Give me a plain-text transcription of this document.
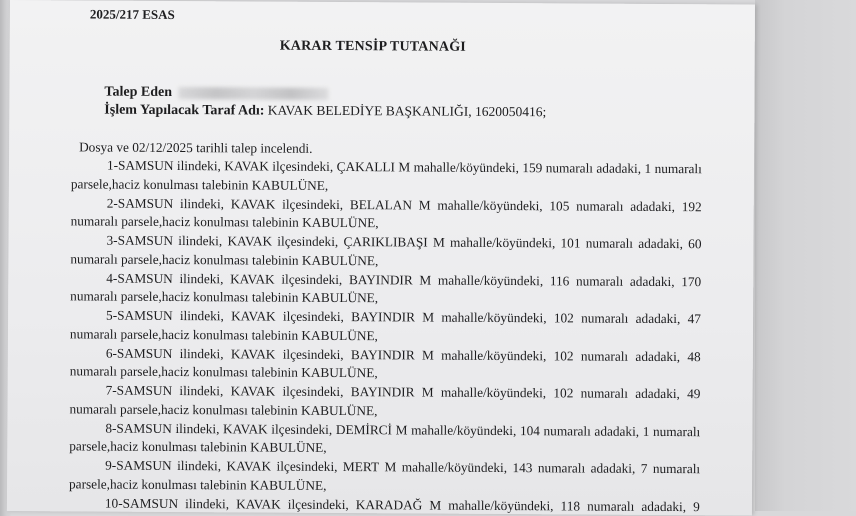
2025/217 ESAS
KARAR TENSİP TUTANAĞI
Talep Eden
İşlem Yapılacak Taraf Adı: KAVAK BELEDİYE BAŞKANLIĞI, 1620050416;
Dosya ve 02/12/2025 tarihli talep incelendi.
1-SAMSUN ilindeki, KAVAK ilçesindeki, ÇAKALLI M mahalle/köyündeki, 159 numaralı adadaki, 1 numaralı
parsele,haciz konulması talebinin KABULÜNE,
2-SAMSUN ilindeki, KAVAK ilçesindeki, BELALAN M mahalle/köyündeki, 105 numaralı adadaki, 192
numaralı parsele,haciz konulması talebinin KABULÜNE,
3-SAMSUN ilindeki, KAVAK ilçesindeki, ÇARIKLIBAŞI M mahalle/köyündeki, 101 numaralı adadaki, 60
numaralı parsele,haciz konulması talebinin KABULÜNE,
4-SAMSUN ilindeki, KAVAK ilçesindeki, BAYINDIR M mahalle/köyündeki, 116 numaralı adadaki, 170
numaralı parsele,haciz konulması talebinin KABULÜNE,
5-SAMSUN ilindeki, KAVAK ilçesindeki, BAYINDIR M mahalle/köyündeki, 102 numaralı adadaki, 47
numaralı parsele,haciz konulması talebinin KABULÜNE,
6-SAMSUN ilindeki, KAVAK ilçesindeki, BAYINDIR M mahalle/köyündeki, 102 numaralı adadaki, 48
numaralı parsele,haciz konulması talebinin KABULÜNE,
7-SAMSUN ilindeki, KAVAK ilçesindeki, BAYINDIR M mahalle/köyündeki, 102 numaralı adadaki, 49
numaralı parsele,haciz konulması talebinin KABULÜNE,
8-SAMSUN ilindeki, KAVAK ilçesindeki, DEMİRCİ M mahalle/köyündeki, 104 numaralı adadaki, 1 numaralı
parsele,haciz konulması talebinin KABULÜNE,
9-SAMSUN ilindeki, KAVAK ilçesindeki, MERT M mahalle/köyündeki, 143 numaralı adadaki, 7 numaralı
parsele,haciz konulması talebinin KABULÜNE,
10-SAMSUN ilindeki, KAVAK ilçesindeki, KARADAĞ M mahalle/köyündeki, 118 numaralı adadaki, 9
